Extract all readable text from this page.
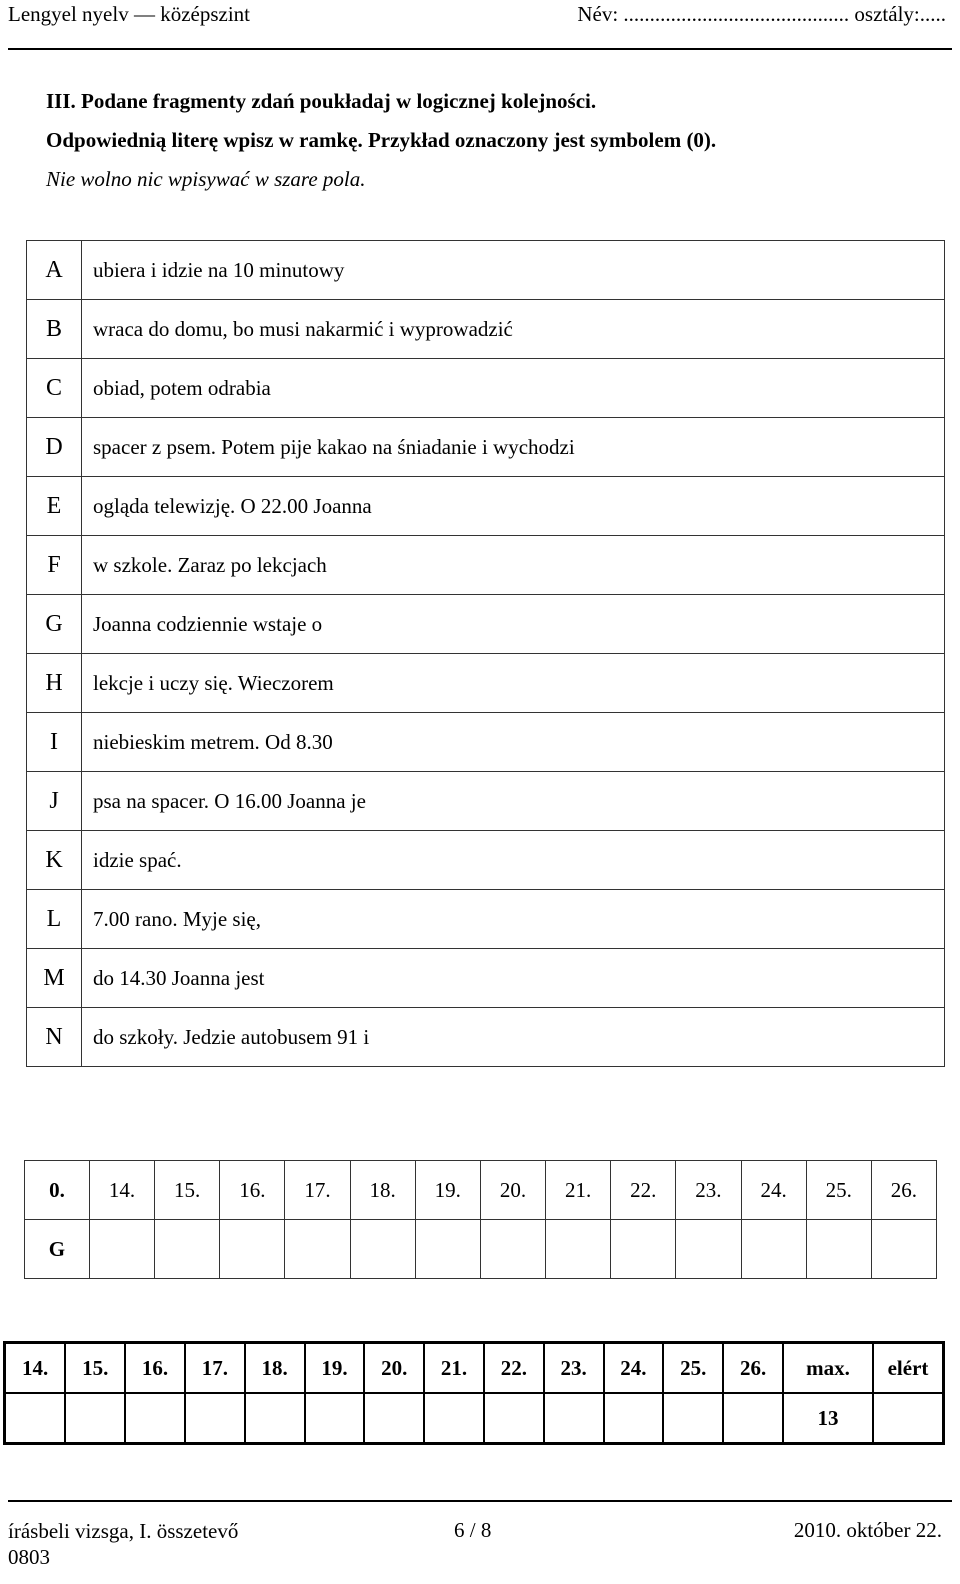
Lengyel nyelv — középszint	Név: ........................................... osztály:.....
III. Podane fragmenty zdań poukładaj w logicznej kolejności.
Odpowiednią literę wpisz w ramkę. Przykład oznaczony jest symbolem (0).
Nie wolno nic wpisywać w szare pola.
A	ubiera i idzie na 10 minutowy
B	wraca do domu, bo musi nakarmić i wyprowadzić
C	obiad, potem odrabia
D	spacer z psem. Potem pije kakao na śniadanie i wychodzi
E	ogląda telewizję. O 22.00 Joanna
F	w szkole. Zaraz po lekcjach
G	Joanna codziennie wstaje o
H	lekcje i uczy się. Wieczorem
I	niebieskim metrem. Od 8.30
J	psa na spacer. O 16.00 Joanna je
K	idzie spać.
L	7.00 rano. Myje się,
M	do 14.30 Joanna jest
N	do szkoły. Jedzie autobusem 91 i
0.	14.	15.	16.	17.	18.	19.	20.	21.	22.	23.	24.	25.	26.
G													
14.	15.	16.	17.	18.	19.	20.	21.	22.	23.	24.	25.	26.	max.	elért
													13	
írásbeli vizsga, I. összetevő
0803
6 / 8	2010. október 22.
